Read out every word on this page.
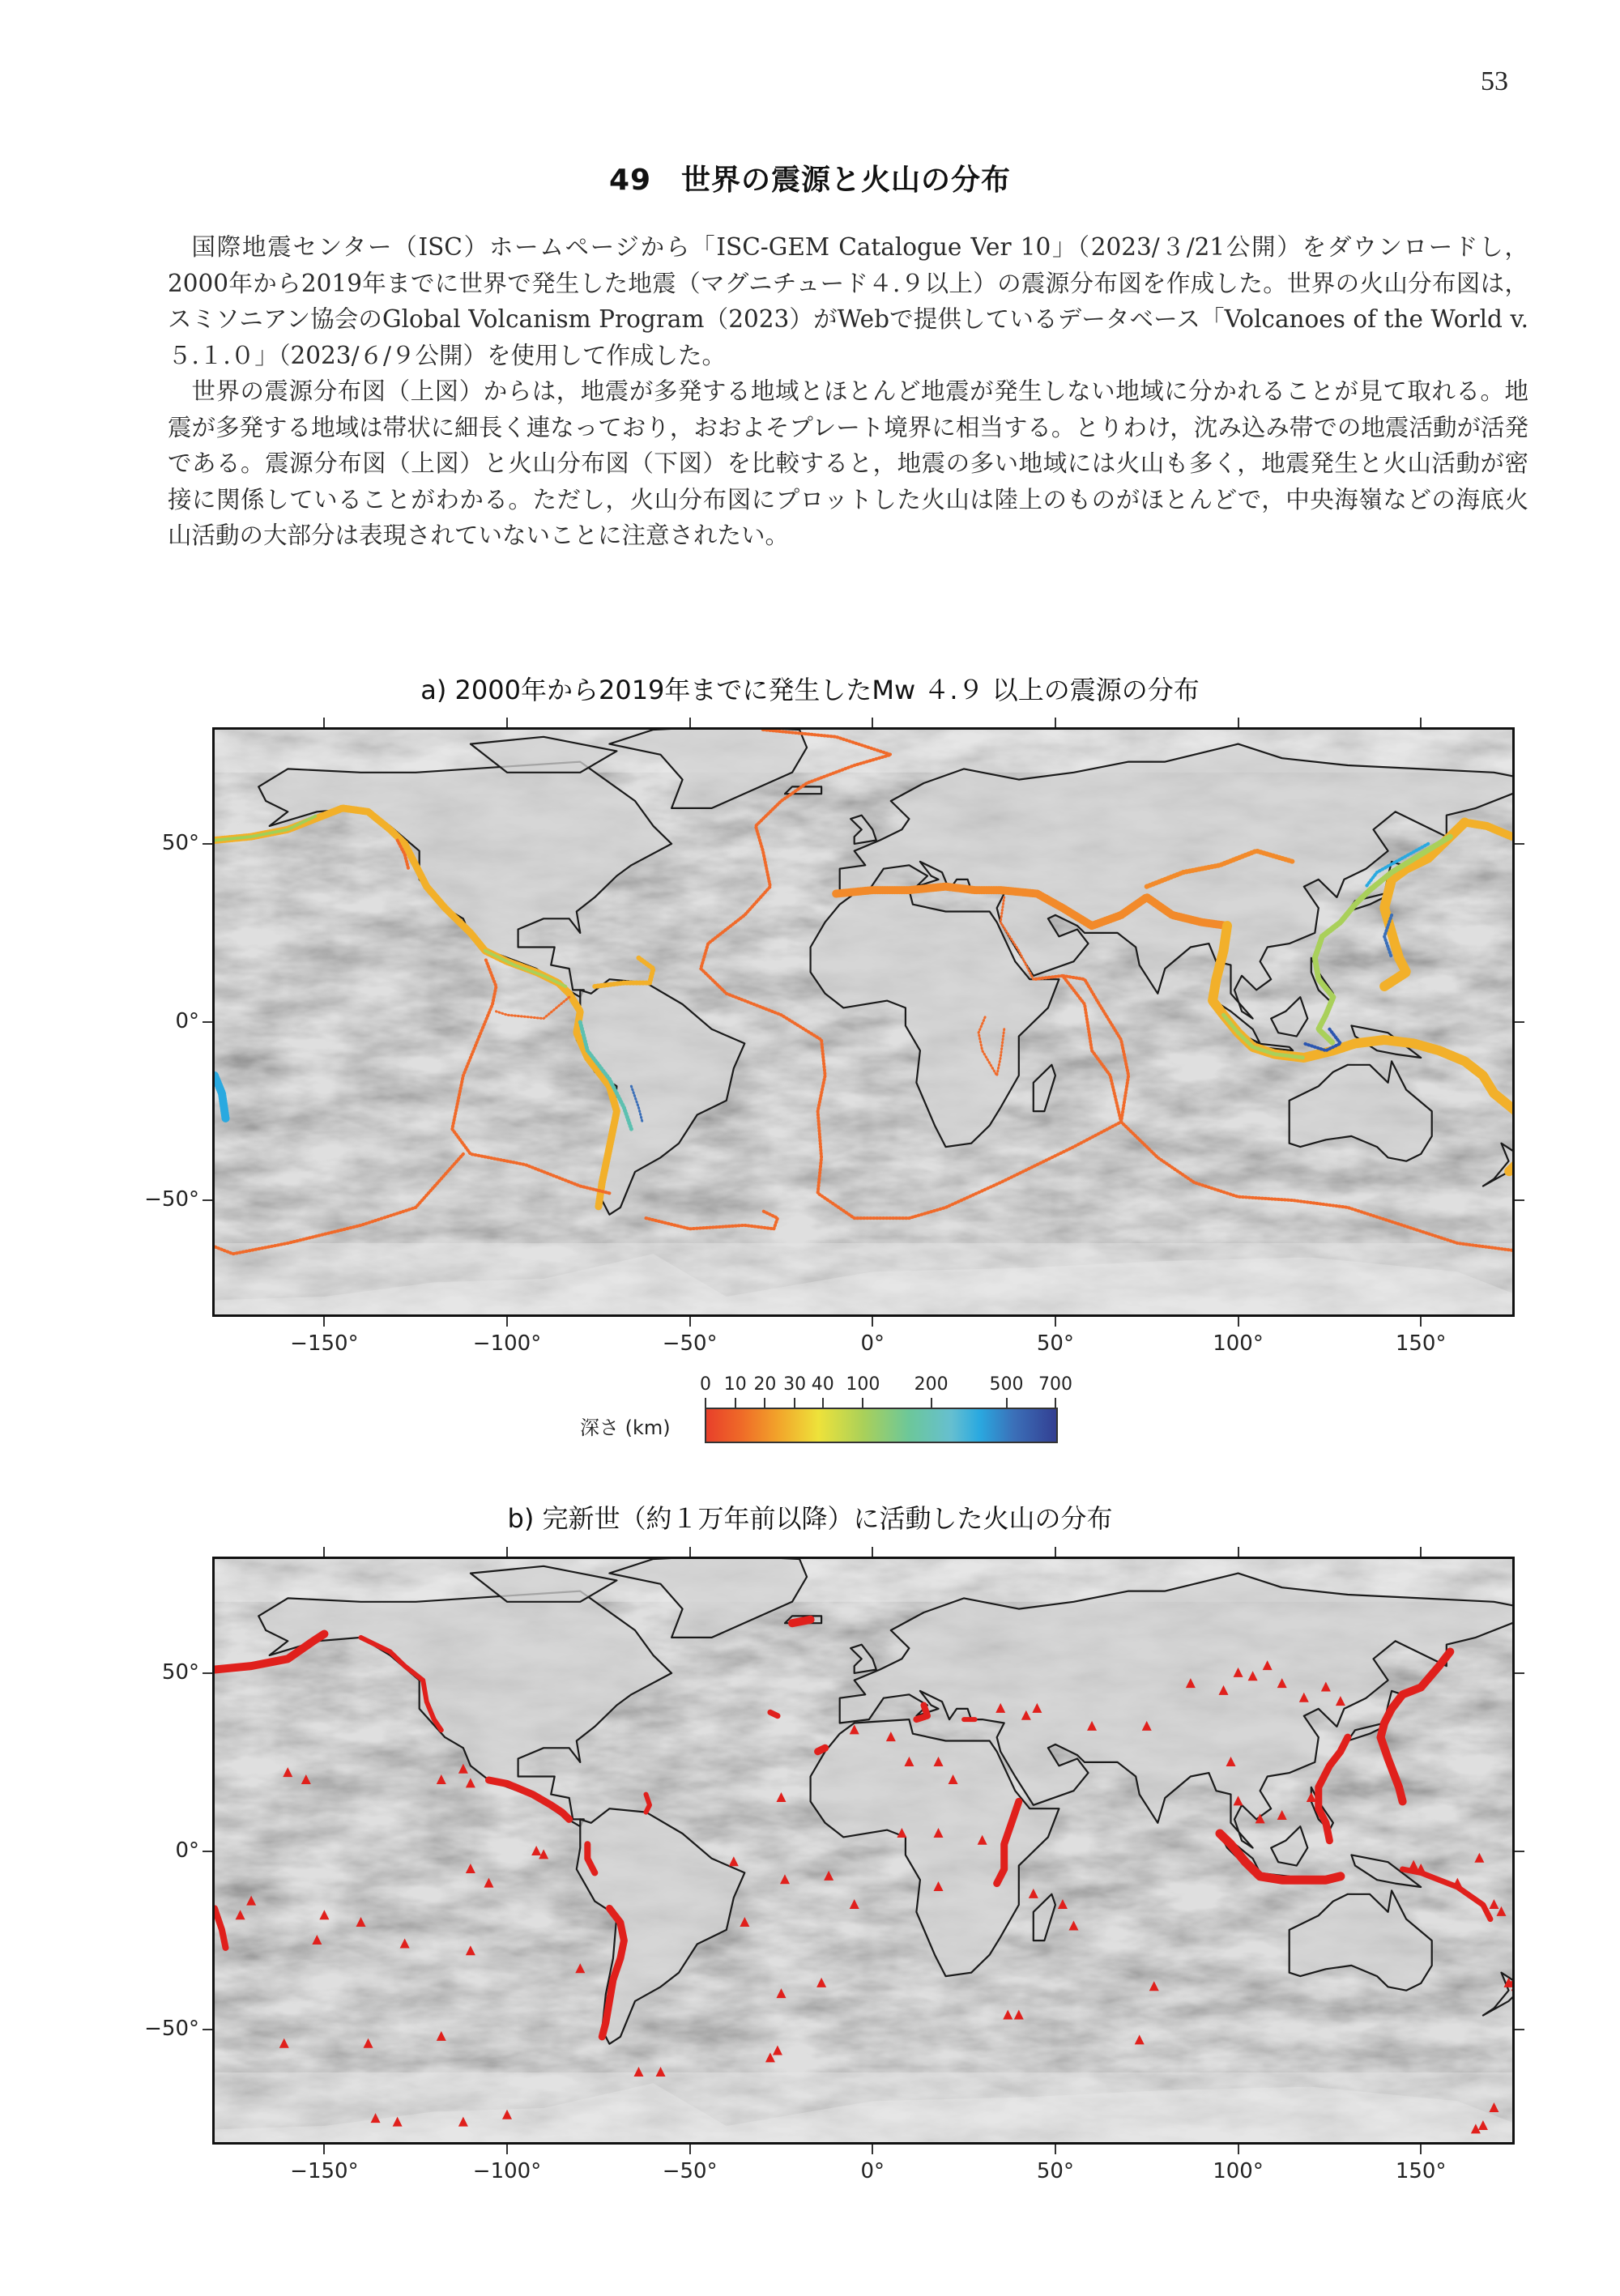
53
49　世界の震源と火山の分布

国際地震センター（ISC）ホームページから「ISC-GEM Catalogue Ver 10」（2023/３/21公開）をダウンロードし，2000年から2019年までに世界で発生した地震（マグニチュード４.９以上）の震源分布図を作成した。世界の火山分布図は，スミソニアン協会のGlobal Volcanism Program（2023）がWebで提供しているデータベース「Volcanoes of the World v. ５.１.０」（2023/６/９公開）を使用して作成した。

世界の震源分布図（上図）からは，地震が多発する地域とほとんど地震が発生しない地域に分かれることが見て取れる。地震が多発する地域は帯状に細長く連なっており，おおよそプレート境界に相当する。とりわけ，沈み込み帯での地震活動が活発である。震源分布図（上図）と火山分布図（下図）を比較すると，地震の多い地域には火山も多く，地震発生と火山活動が密接に関係していることがわかる。ただし，火山分布図にプロットした火山は陸上のものがほとんどで，中央海嶺などの海底火山活動の大部分は表現されていないことに注意されたい。

a) 2000年から2019年までに発生したMw ４.９ 以上の震源の分布
−150°	−100°	−50°	0°	50°	100°	150°
50°
0°
−50°
深さ (km)
0 10 20 30 40 100 200 500 700
b) 完新世（約１万年前以降）に活動した火山の分布
−150°	−100°	−50°	0°	50°	100°	150°
50°
0°
−50°
